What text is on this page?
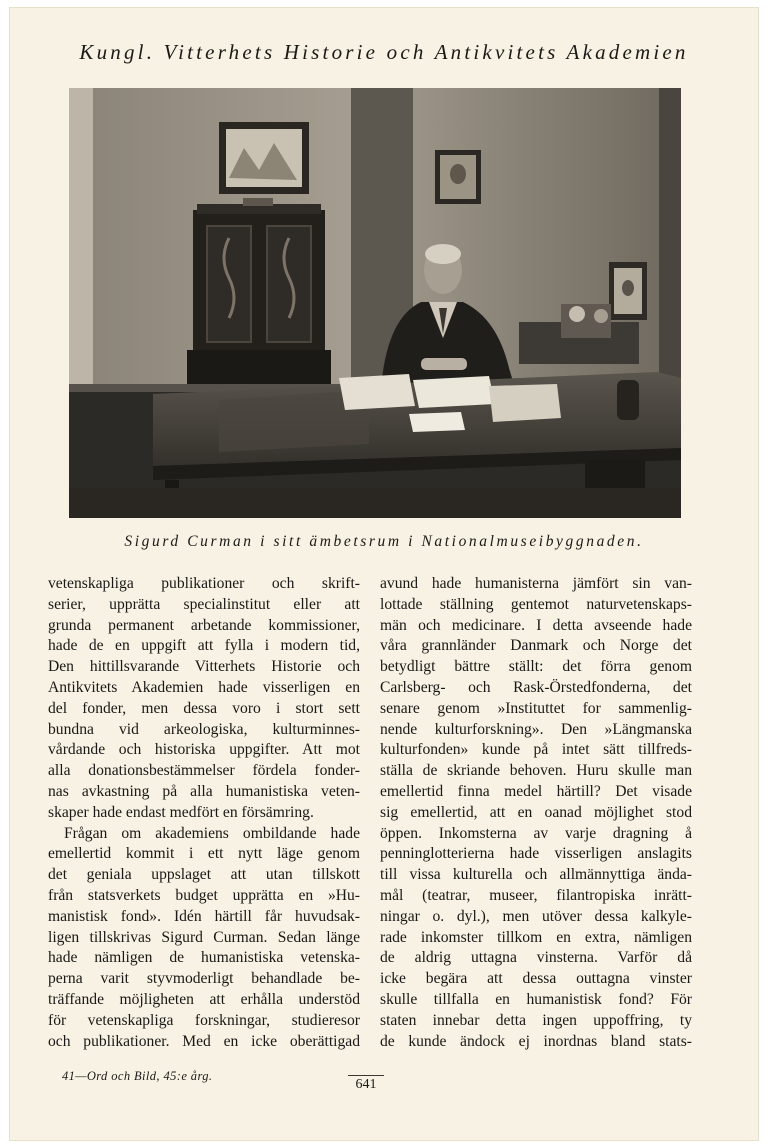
Kungl. Vitterhets Historie och Antikvitets Akademien
Sigurd Curman i sitt ämbetsrum i Nationalmuseibyggnaden.
vetenskapliga publikationer och skrift-
serier, upprätta specialinstitut eller att
grunda permanent arbetande kommissioner,
hade de en uppgift att fylla i modern tid,
Den hittillsvarande Vitterhets Historie och
Antikvitets Akademien hade visserligen en
del fonder, men dessa voro i stort sett
bundna vid arkeologiska, kulturminnes-
vårdande och historiska uppgifter. Att mot
alla donationsbestämmelser fördela fonder-
nas avkastning på alla humanistiska veten-
skaper hade endast medfört en försämring.
Frågan om akademiens ombildande hade
emellertid kommit i ett nytt läge genom
det geniala uppslaget att utan tillskott
från statsverkets budget upprätta en »Hu-
manistisk fond». Idén härtill får huvudsak-
ligen tillskrivas Sigurd Curman. Sedan länge
hade nämligen de humanistiska vetenska-
perna varit styvmoderligt behandlade be-
träffande möjligheten att erhålla understöd
för vetenskapliga forskningar, studieresor
och publikationer. Med en icke oberättigad
avund hade humanisterna jämfört sin van-
lottade ställning gentemot naturvetenskaps-
män och medicinare. I detta avseende hade
våra grannländer Danmark och Norge det
betydligt bättre ställt: det förra genom
Carlsberg- och Rask-Örstedfonderna, det
senare genom »Instituttet for sammenlig-
nende kulturforskning». Den »Längmanska
kulturfonden» kunde på intet sätt tillfreds-
ställa de skriande behoven. Huru skulle man
emellertid finna medel härtill? Det visade
sig emellertid, att en oanad möjlighet stod
öppen. Inkomsterna av varje dragning å
penninglotterierna hade visserligen anslagits
till vissa kulturella och allmännyttiga ända-
mål (teatrar, museer, filantropiska inrätt-
ningar o. dyl.), men utöver dessa kalkyle-
rade inkomster tillkom en extra, nämligen
de aldrig uttagna vinsterna. Varför då
icke begära att dessa outtagna vinster
skulle tillfalla en humanistisk fond? För
staten innebar detta ingen uppoffring, ty
de kunde ändock ej inordnas bland stats-
41—Ord och Bild, 45:e årg.
641
